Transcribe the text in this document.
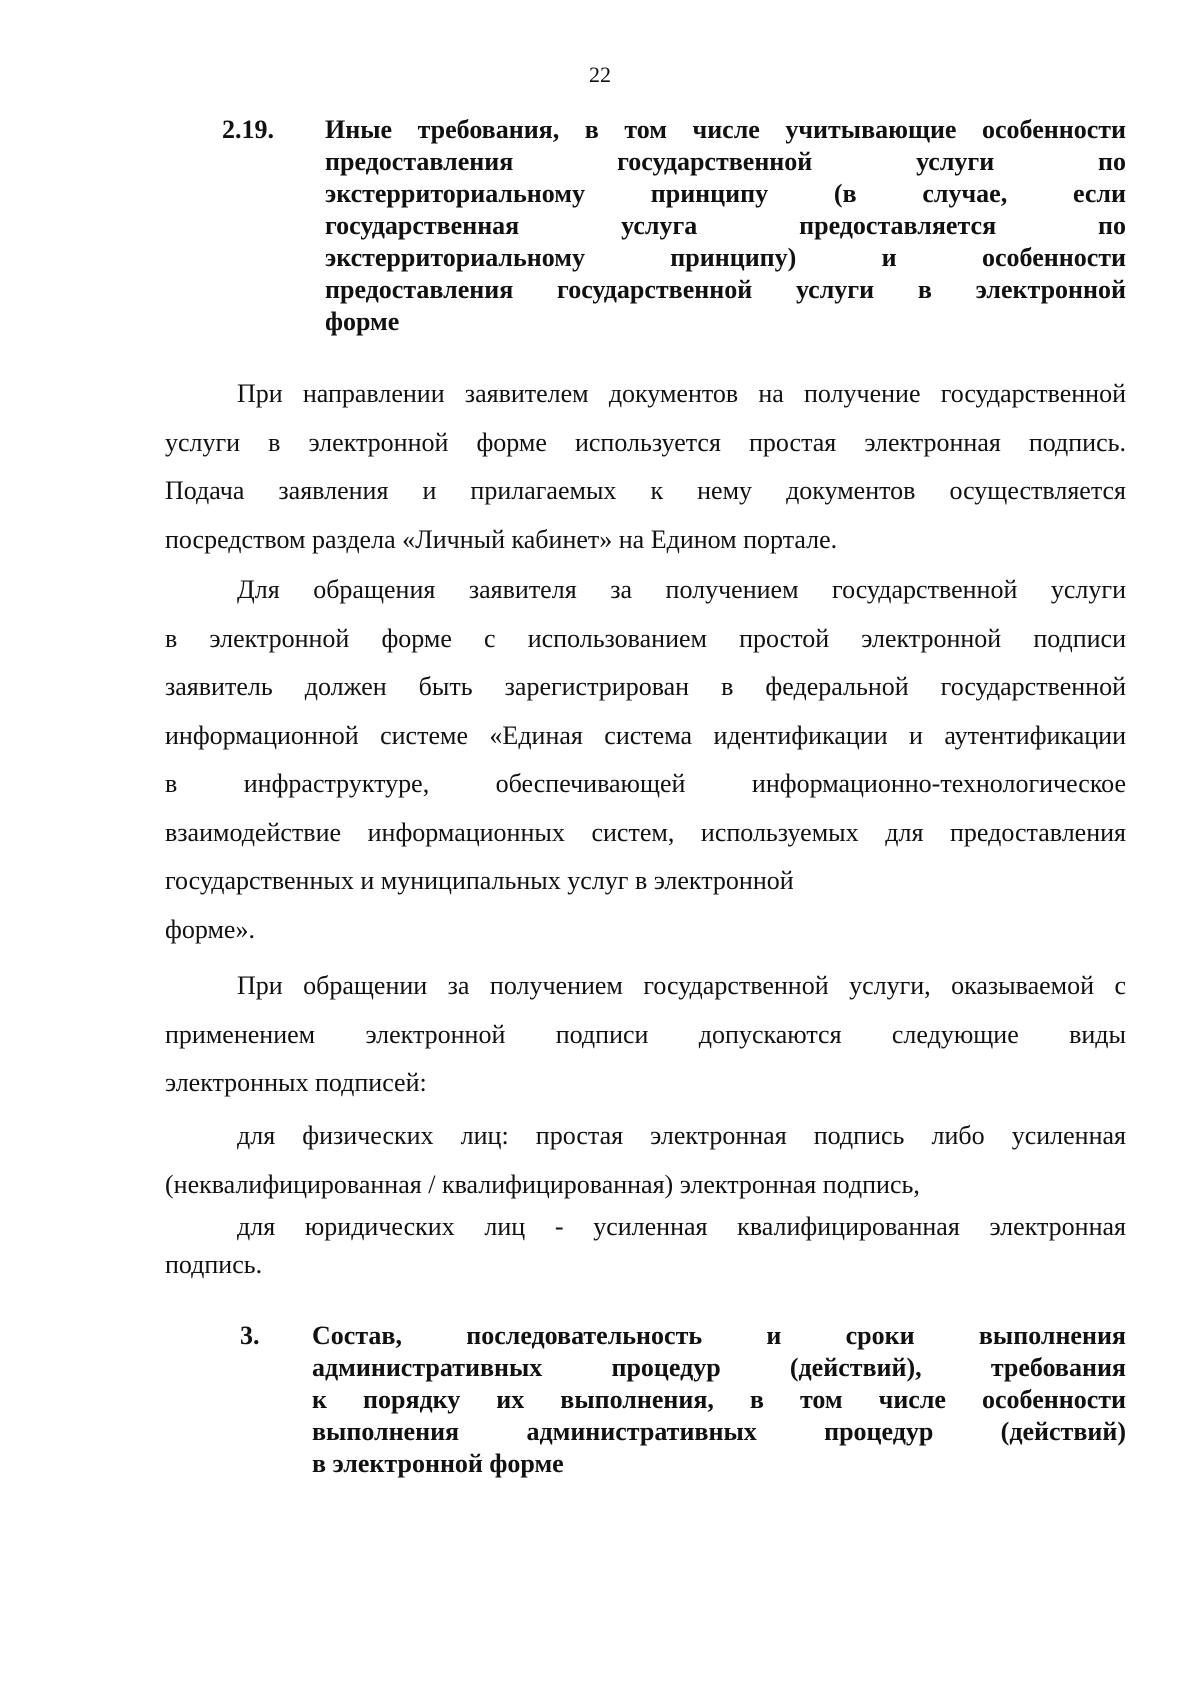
22
2.19. Иные требования, в том числе учитывающие особенности
предоставления государственной услуги по
экстерриториальному принципу (в случае, если
государственная услуга предоставляется по
экстерриториальному принципу) и особенности
предоставления государственной услуги в электронной
форме
При направлении заявителем документов на получение государственной
услуги в электронной форме используется простая электронная подпись.
Подача заявления и прилагаемых к нему документов осуществляется
посредством раздела «Личный кабинет» на Едином портале.
Для обращения заявителя за получением государственной услуги
в электронной форме с использованием простой электронной подписи
заявитель должен быть зарегистрирован в федеральной государственной
информационной системе «Единая система идентификации и аутентификации
в инфраструктуре, обеспечивающей информационно-технологическое
взаимодействие информационных систем, используемых для предоставления
государственных и муниципальных услуг в электронной
форме».
При обращении за получением государственной услуги, оказываемой с
применением электронной подписи допускаются следующие виды
электронных подписей:
для физических лиц: простая электронная подпись либо усиленная
(неквалифицированная / квалифицированная) электронная подпись,
для юридических лиц - усиленная квалифицированная электронная
подпись.
3. Состав, последовательность и сроки выполнения
административных процедур (действий), требования
к порядку их выполнения, в том числе особенности
выполнения административных процедур (действий)
в электронной форме
